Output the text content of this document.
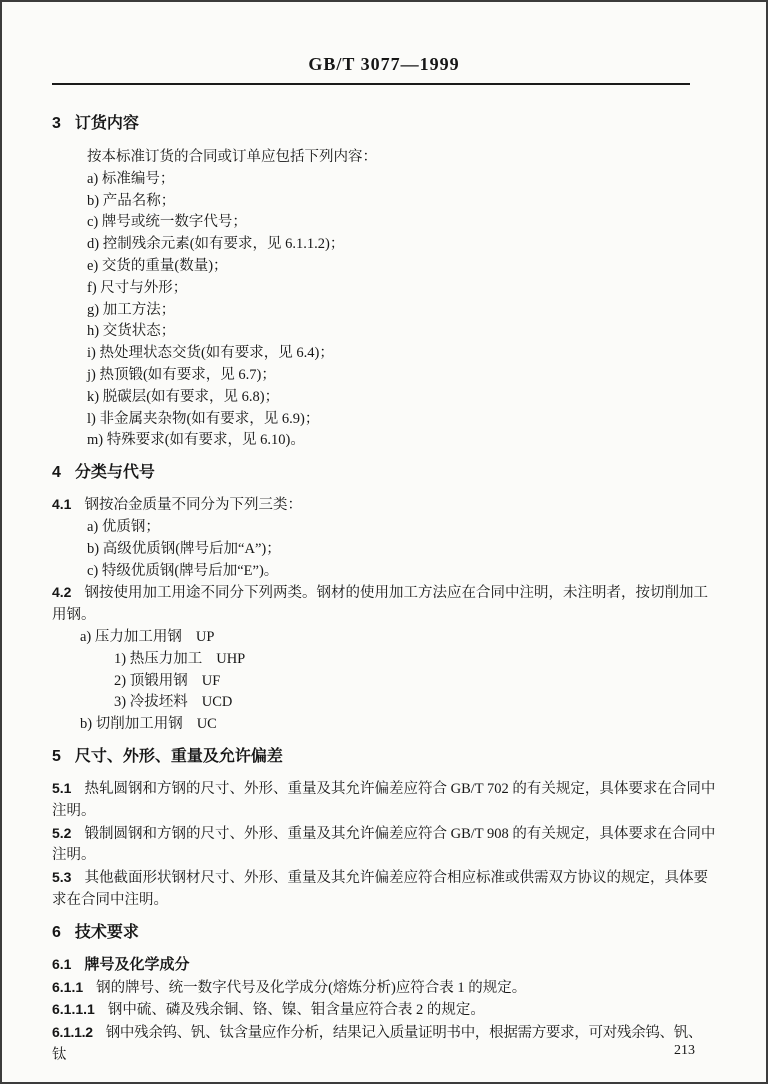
GB/T 3077—1999
3 订货内容

按本标准订货的合同或订单应包括下列内容：

a) 标准编号；
b) 产品名称；
c) 牌号或统一数字代号；
d) 控制残余元素(如有要求，见 6.1.1.2)；
e) 交货的重量(数量)；
f) 尺寸与外形；
g) 加工方法；
h) 交货状态；
i) 热处理状态交货(如有要求，见 6.4)；
j) 热顶锻(如有要求，见 6.7)；
k) 脱碳层(如有要求，见 6.8)；
l) 非金属夹杂物(如有要求，见 6.9)；
m) 特殊要求(如有要求，见 6.10)。
4 分类与代号

4.1 钢按冶金质量不同分为下列三类：

a) 优质钢；
b) 高级优质钢(牌号后加“A”)；
c) 特级优质钢(牌号后加“E”)。

4.2 钢按使用加工用途不同分下列两类。钢材的使用加工方法应在合同中注明，未注明者，按切削加工用钢。

a) 压力加工用钢 UP
1) 热压力加工 UHP
2) 顶锻用钢 UF
3) 冷拔坯料 UCD
b) 切削加工用钢 UC
5 尺寸、外形、重量及允许偏差

5.1 热轧圆钢和方钢的尺寸、外形、重量及其允许偏差应符合 GB/T 702 的有关规定，具体要求在合同中注明。

5.2 锻制圆钢和方钢的尺寸、外形、重量及其允许偏差应符合 GB/T 908 的有关规定，具体要求在合同中注明。

5.3 其他截面形状钢材尺寸、外形、重量及其允许偏差应符合相应标准或供需双方协议的规定，具体要求在合同中注明。

6 技术要求

6.1 牌号及化学成分

6.1.1 钢的牌号、统一数字代号及化学成分(熔炼分析)应符合表 1 的规定。

6.1.1.1 钢中硫、磷及残余铜、铬、镍、钼含量应符合表 2 的规定。

6.1.1.2 钢中残余钨、钒、钛含量应作分析，结果记入质量证明书中，根据需方要求，可对残余钨、钒、钛	213
